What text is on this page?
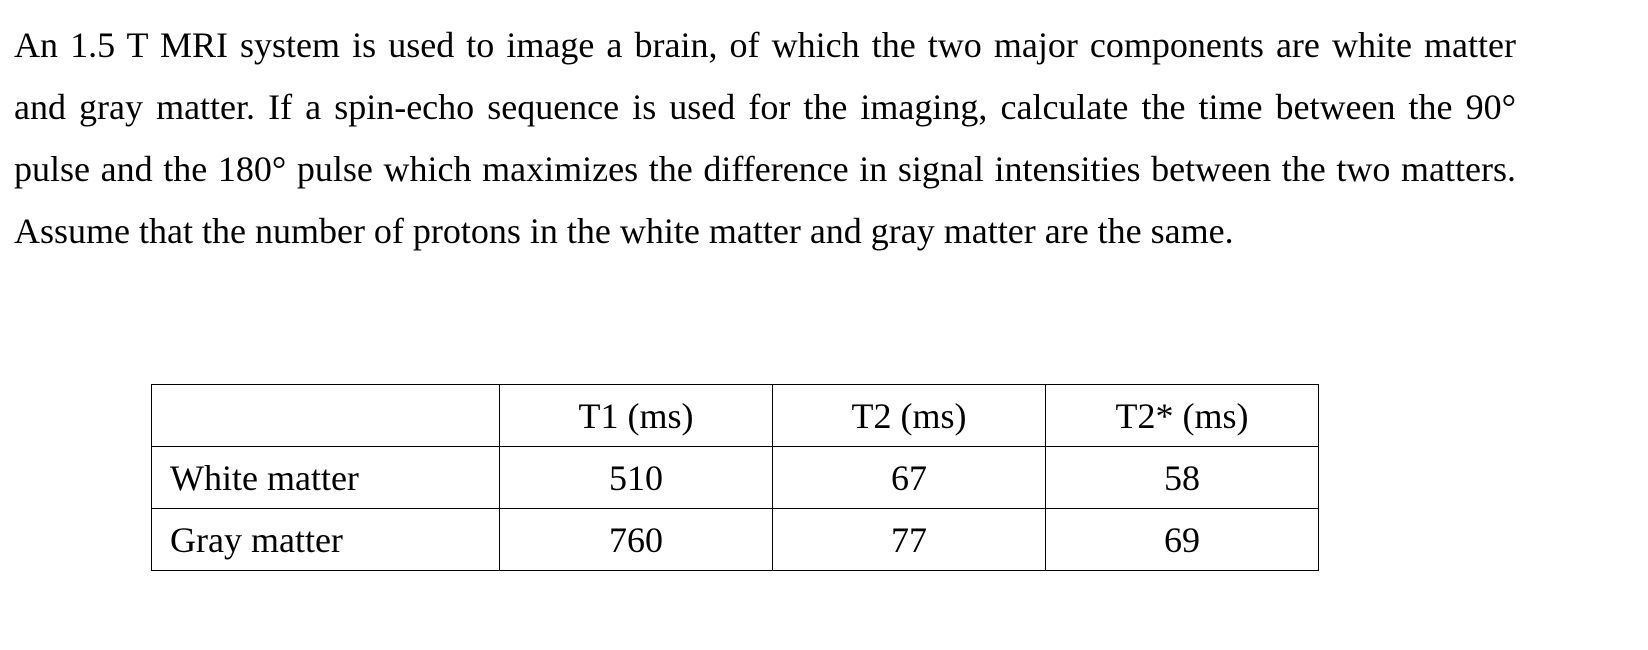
An 1.5 T MRI system is used to image a brain, of which the two major components are white matter and gray matter. If a spin-echo sequence is used for the imaging, calculate the time between the 90° pulse and the 180° pulse which maximizes the difference in signal intensities between the two matters. Assume that the number of protons in the white matter and gray matter are the same.

	T1 (ms)	T2 (ms)	T2* (ms)
White matter	510	67	58
Gray matter	760	77	69
